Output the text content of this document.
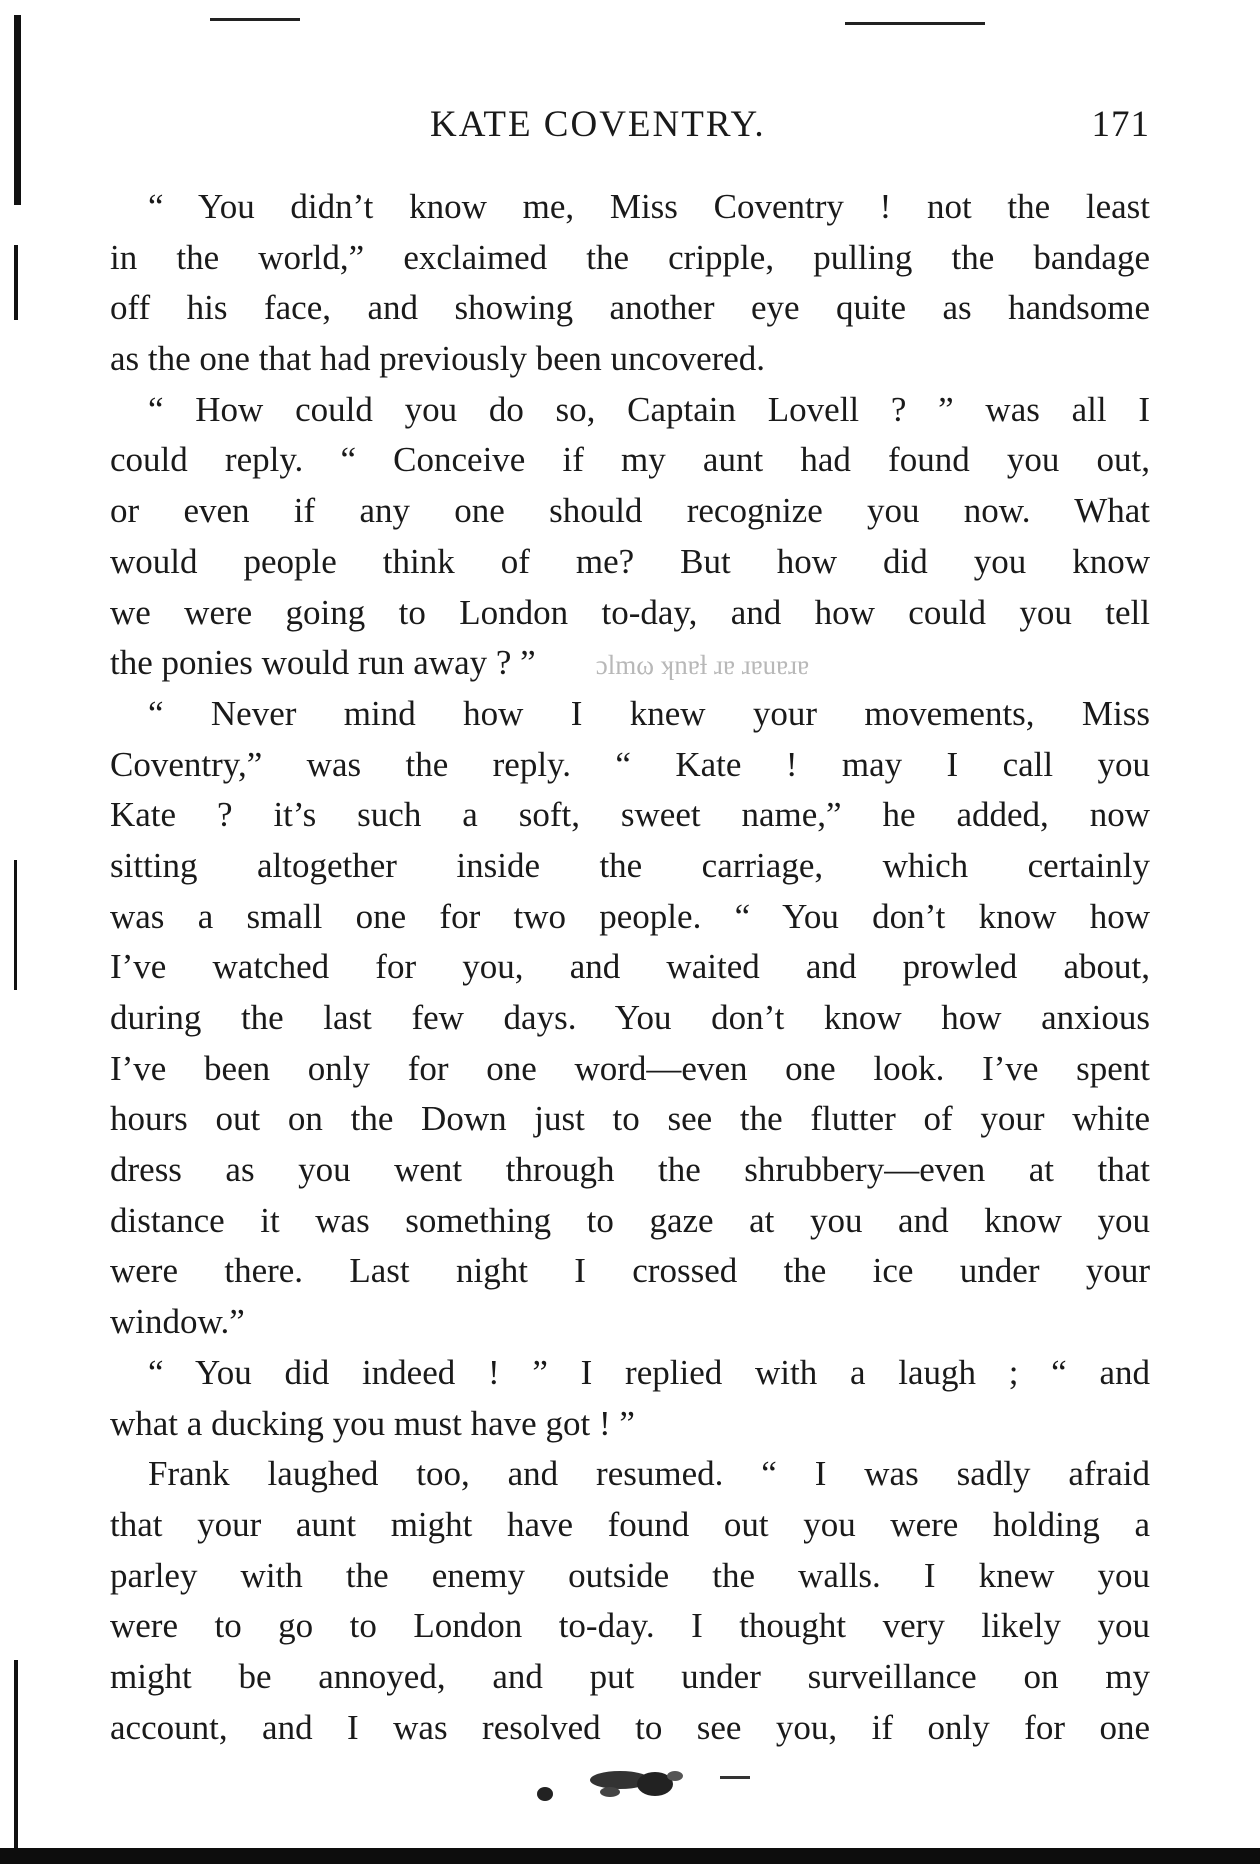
KATE COVENTRY.	171
“ You didn’t know me, Miss Coventry ! not the least
in the world,” exclaimed the cripple, pulling the bandage
off his face, and showing another eye quite as handsome
as the one that had previously been uncovered.
“ How could you do so, Captain Lovell ? ” was all I
could reply. “ Conceive if my aunt had found you out,
or even if any one should recognize you now. What
would people think of me? But how did you know
we were going to London to-day, and how could you tell
the ponies would run away ? ” ɔlmω ʞnɐƚ ɹɐ ɹɐuɐɹɐ
“ Never mind how I knew your movements, Miss
Coventry,” was the reply. “ Kate ! may I call you
Kate ? it’s such a soft, sweet name,” he added, now
sitting altogether inside the carriage, which certainly
was a small one for two people. “ You don’t know how
I’ve watched for you, and waited and prowled about,
during the last few days. You don’t know how anxious
I’ve been only for one word—even one look. I’ve spent
hours out on the Down just to see the flutter of your white
dress as you went through the shrubbery—even at that
distance it was something to gaze at you and know you
were there. Last night I crossed the ice under your
window.”
“ You did indeed ! ” I replied with a laugh ; “ and
what a ducking you must have got ! ”
Frank laughed too, and resumed. “ I was sadly afraid
that your aunt might have found out you were holding a
parley with the enemy outside the walls. I knew you
were to go to London to-day. I thought very likely you
might be annoyed, and put under surveillance on my
account, and I was resolved to see you, if only for one
